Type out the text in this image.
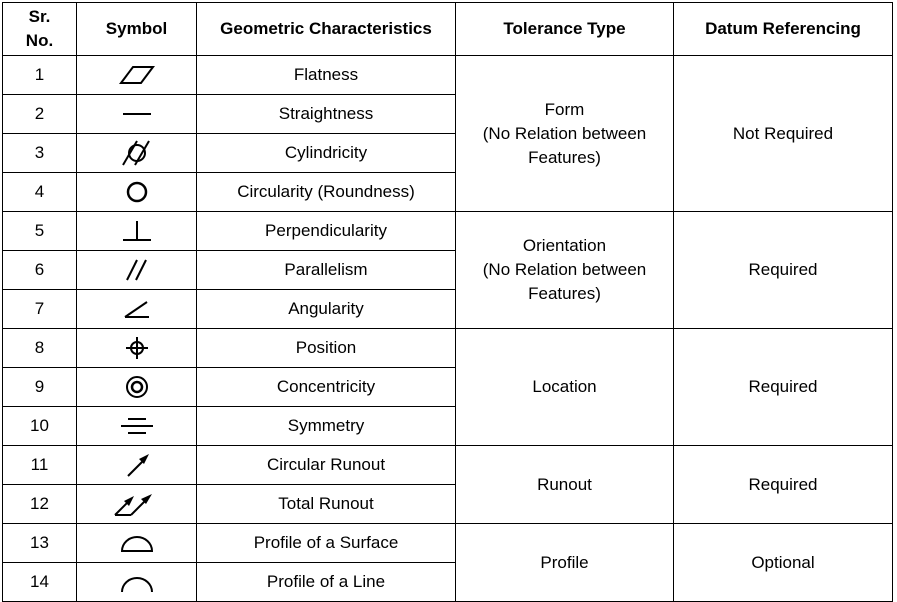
Sr.
No.	Symbol	Geometric Characteristics	Tolerance Type	Datum Referencing
1		Flatness	Form
(No Relation between
Features)	Not Required
2		Straightness		
3		Cylindricity		
4		Circularity (Roundness)		
5		Perpendicularity	Orientation
(No Relation between
Features)	Required
6		Parallelism		
7		Angularity		
8		Position	Location	Required
9		Concentricity		
10		Symmetry		
11		Circular Runout	Runout	Required
12		Total Runout		
13		Profile of a Surface	Profile	Optional
14		Profile of a Line		
